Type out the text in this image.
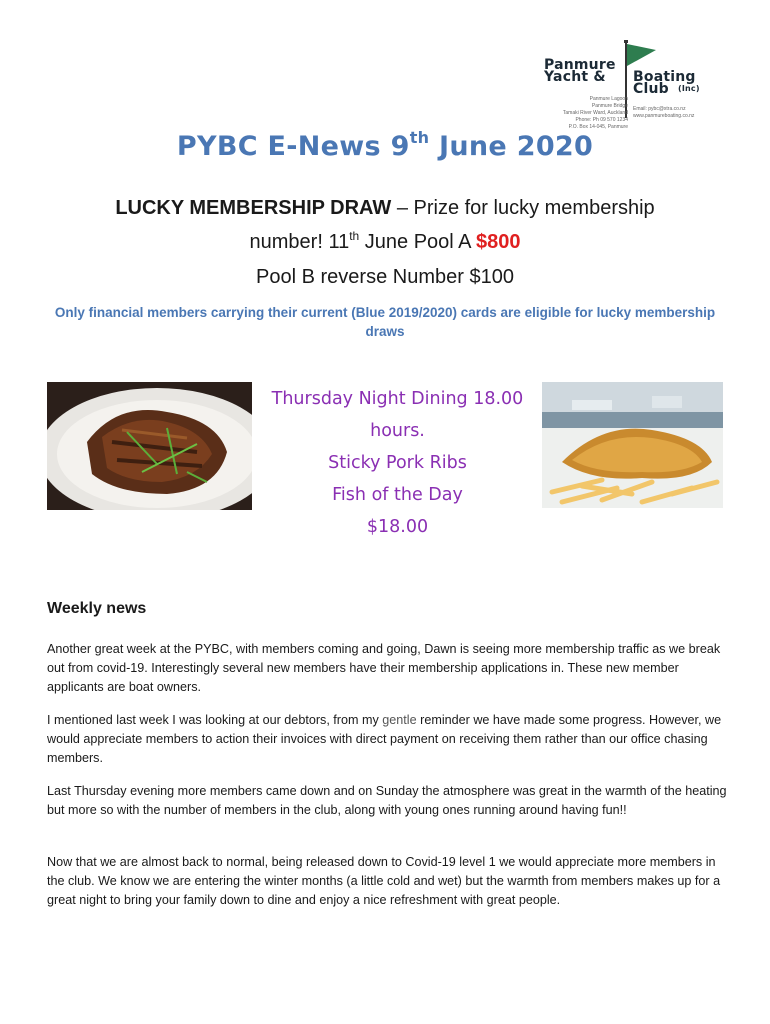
Panmure
Yacht & Boating
Club (Inc)
Panmure Lagoon
Panmure Bridge
Tamaki River Ward, Auckland
Phone: Ph 09 570 1234
P.O. Box 14-045, Panmure
Email: pybc@xtra.co.nz
www.panmureboating.co.nz
PYBC E-News 9th June 2020
LUCKY MEMBERSHIP DRAW – Prize for lucky membership
number! 11th June Pool A $800
Pool B reverse Number $100
Only financial members carrying their current (Blue 2019/2020) cards are eligible for lucky membership draws
Thursday Night Dining 18.00
hours.
Sticky Pork Ribs
Fish of the Day
$18.00
Weekly news
Another great week at the PYBC, with members coming and going, Dawn is seeing more membership traffic as we break out from covid-19. Interestingly several new members have their membership applications in. These new member applicants are boat owners.
I mentioned last week I was looking at our debtors, from my gentle reminder we have made some progress. However, we would appreciate members to action their invoices with direct payment on receiving them rather than our office chasing members.
Last Thursday evening more members came down and on Sunday the atmosphere was great in the warmth of the heating but more so with the number of members in the club, along with young ones running around having fun!!
Now that we are almost back to normal, being released down to Covid-19 level 1 we would appreciate more members in the club. We know we are entering the winter months (a little cold and wet) but the warmth from members makes up for a great night to bring your family down to dine and enjoy a nice refreshment with great people.
